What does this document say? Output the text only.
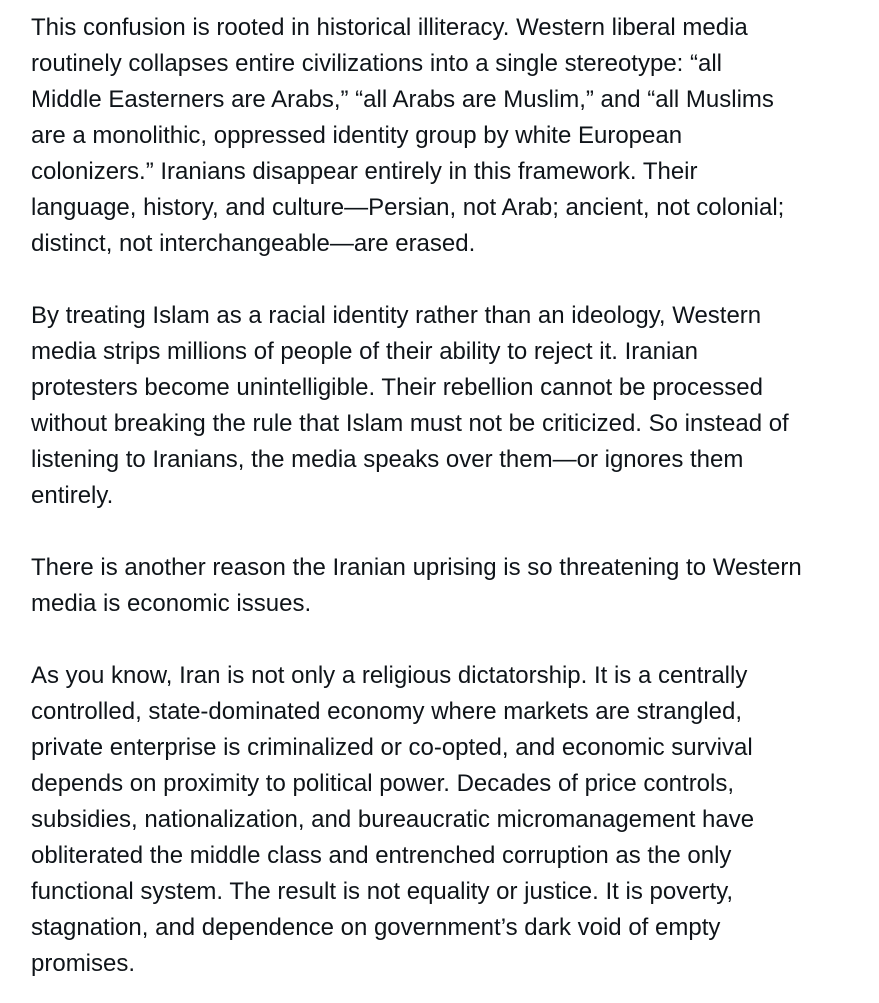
This confusion is rooted in historical illiteracy. Western liberal media
routinely collapses entire civilizations into a single stereotype: “all
Middle Easterners are Arabs,” “all Arabs are Muslim,” and “all Muslims
are a monolithic, oppressed identity group by white European
colonizers.” Iranians disappear entirely in this framework. Their
language, history, and culture—Persian, not Arab; ancient, not colonial;
distinct, not interchangeable—are erased.

By treating Islam as a racial identity rather than an ideology, Western
media strips millions of people of their ability to reject it. Iranian
protesters become unintelligible. Their rebellion cannot be processed
without breaking the rule that Islam must not be criticized. So instead of
listening to Iranians, the media speaks over them—or ignores them
entirely.

There is another reason the Iranian uprising is so threatening to Western
media is economic issues.

As you know, Iran is not only a religious dictatorship. It is a centrally
controlled, state-dominated economy where markets are strangled,
private enterprise is criminalized or co-opted, and economic survival
depends on proximity to political power. Decades of price controls,
subsidies, nationalization, and bureaucratic micromanagement have
obliterated the middle class and entrenched corruption as the only
functional system. The result is not equality or justice. It is poverty,
stagnation, and dependence on government’s dark void of empty
promises.
